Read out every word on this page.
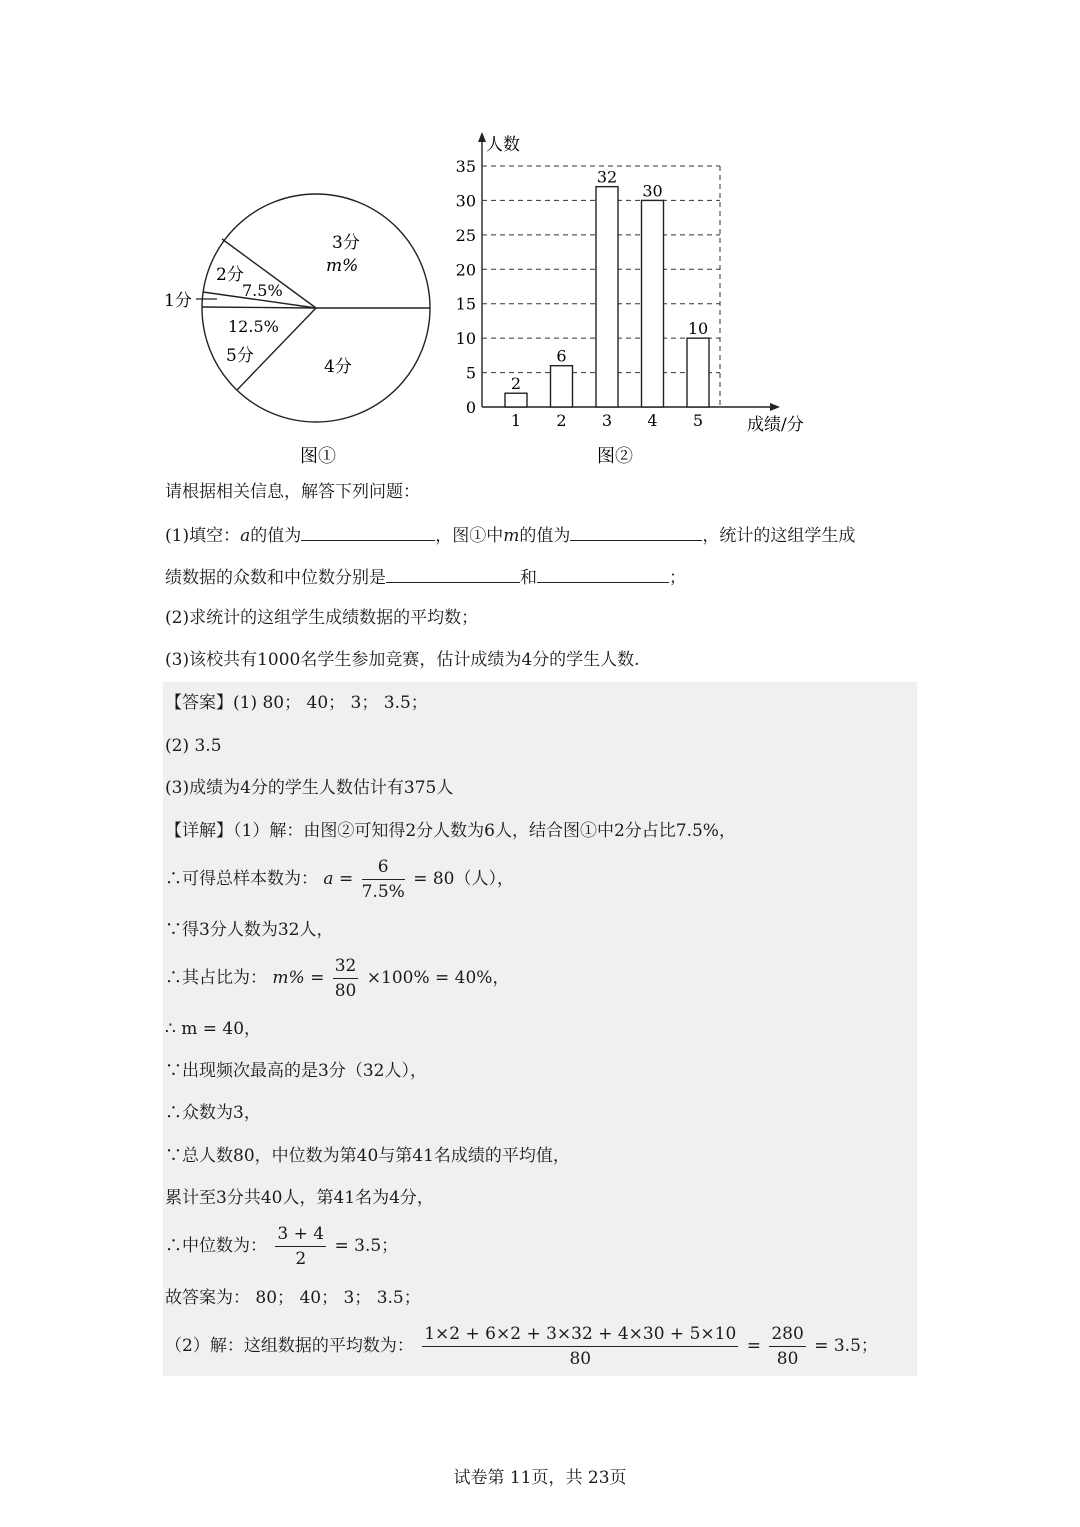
3分
m%
2分
7.5%
1分
12.5%
5分
4分
图①
人数
成绩/分
图②
0
5
10
15
20
25
30
35
2
1
6
2
32
3
30
4
10
5
请根据相关信息，解答下列问题：
(1)填空：a的值为	，图①中m的值为	，统计的这组学生成
绩数据的众数和中位数分别是	和	；
(2)求统计的这组学生成绩数据的平均数；
(3)该校共有1000名学生参加竞赛，估计成绩为4分的学生人数.
【答案】(1) 80； 40； 3； 3.5；
(2) 3.5
(3)成绩为4分的学生人数估计有375人
【详解】（1）解：由图②可知得2分人数为6人，结合图①中2分占比7.5%，
∴可得总样本数为： $a = \frac{6}{7.5\%} = 80$（人），
∵得3分人数为32人，
∴其占比为： $m\% = \frac{32}{80} \times 100\% = 40\%$，
∴ m = 40，
∵出现频次最高的是3分（32人），
∴众数为3，
∵总人数80，中位数为第40与第41名成绩的平均值，
累计至3分共40人，第41名为4分，
∴中位数为： $\frac{3 + 4}{2} = 3.5$；
故答案为： 80； 40； 3； 3.5；
（2）解：这组数据的平均数为： $\frac{1\times 2 + 6\times 2 + 3\times 32 + 4\times 30 + 5\times 10}{80} = \frac{280}{80} = 3.5$；
试卷第 11页，共 23页
